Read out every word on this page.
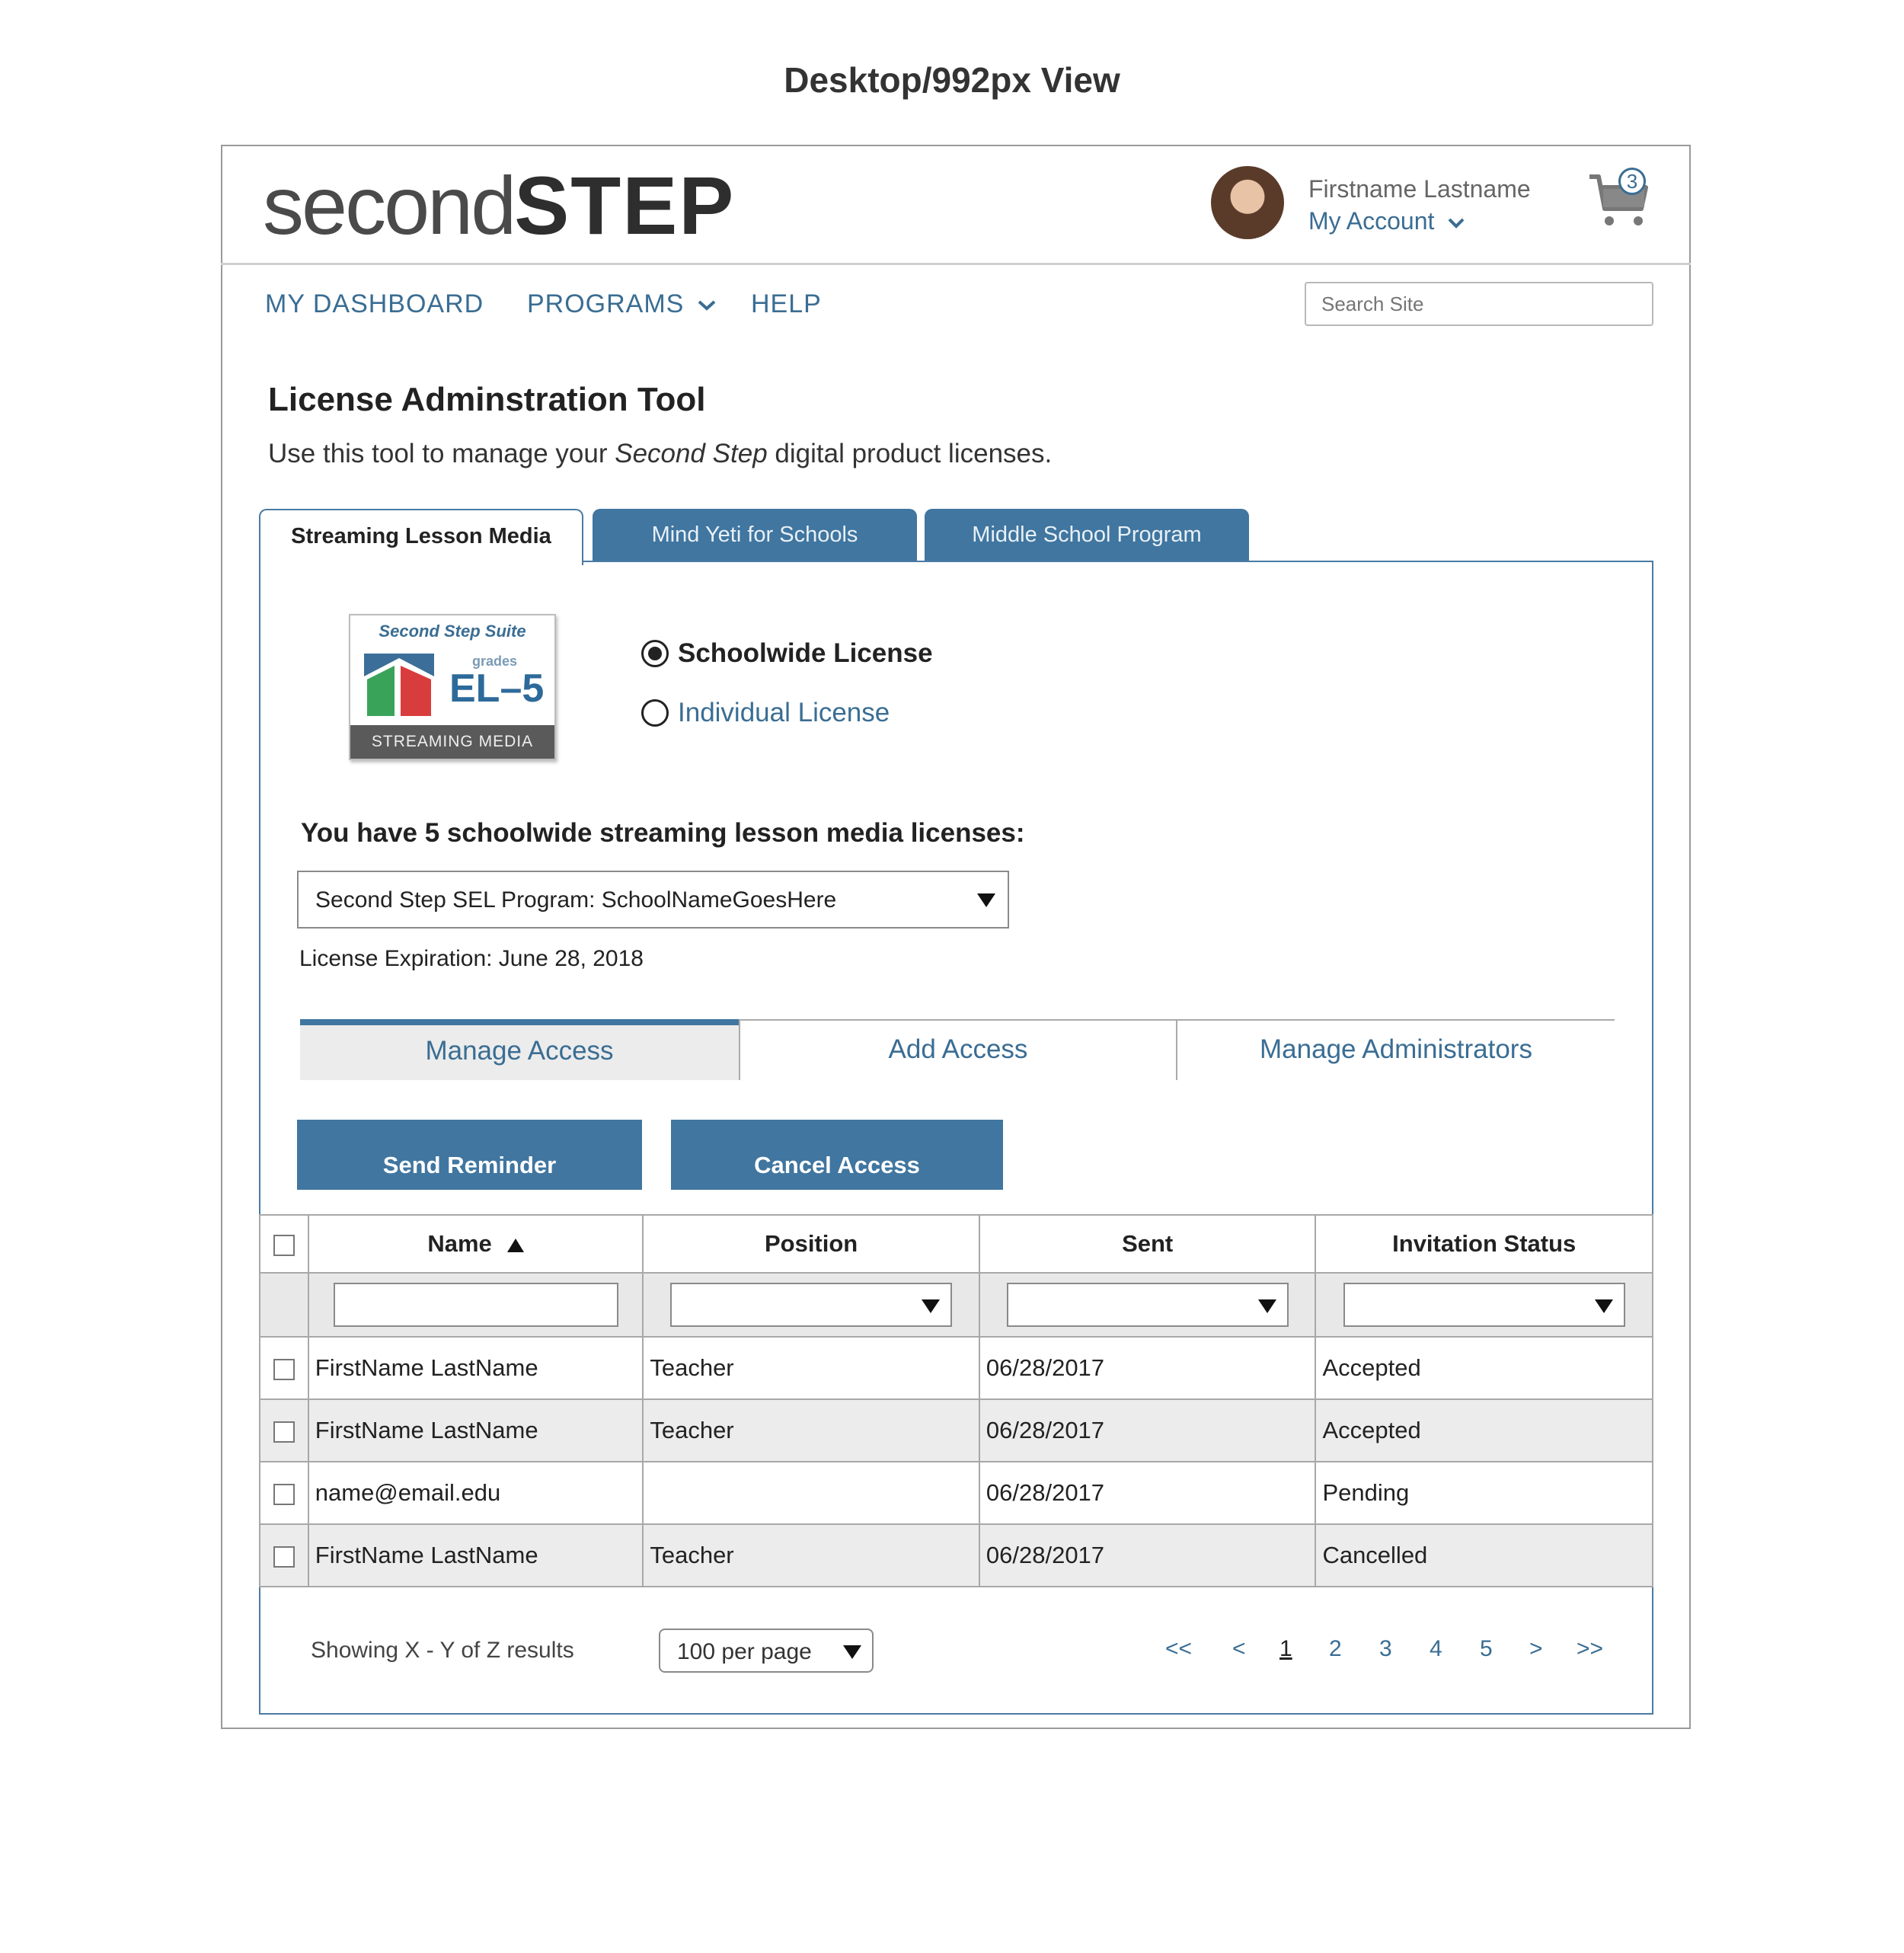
Desktop/992px View
secondSTEP	Firstname Lastname
My Account
3
MY DASHBOARD PROGRAMS	HELP
Search Site
License Adminstration Tool
Use this tool to manage your Second Step digital product licenses.
Streaming Lesson Media	Mind Yeti for Schools	Middle School Program
Second Step Suite
grades
EL–5
STREAMING MEDIA
Schoolwide License
Individual License
You have 5 schoolwide streaming lesson media licenses:
Second Step SEL Program: SchoolNameGoesHere
License Expiration: June 28, 2018
Manage Access	Add Access	Manage Administrators
Send Reminder	Cancel Access
	Name	Position	Sent	Invitation Status

	FirstName LastName	Teacher	06/28/2017	Accepted
	FirstName LastName	Teacher	06/28/2017	Accepted
	name@email.edu		06/28/2017	Pending
	FirstName LastName	Teacher	06/28/2017	Cancelled
Showing X - Y of Z results	100 per page	<< < 1 2 3 4 5 > >>
